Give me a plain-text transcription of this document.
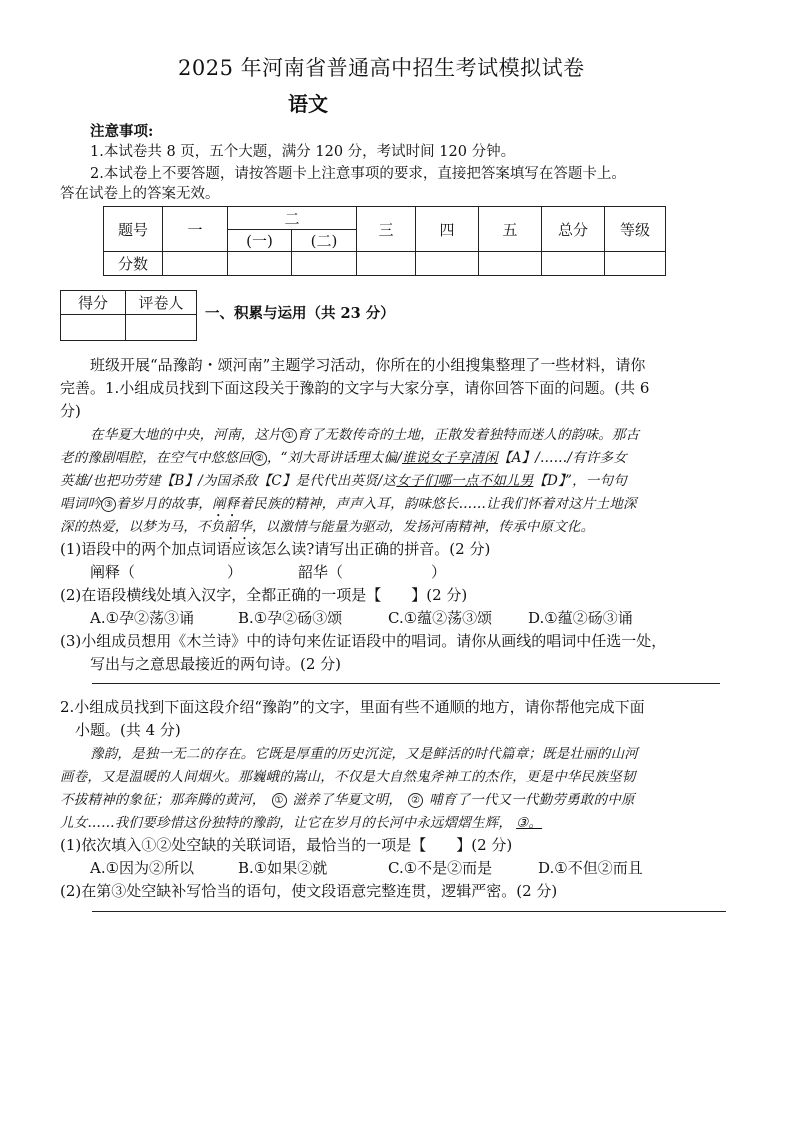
2025 年河南省普通高中招生考试模拟试卷
语文
注意事项:
1.本试卷共 8 页，五个大题，满分 120 分，考试时间 120 分钟。
2.本试卷上不要答题，请按答题卡上注意事项的要求，直接把答案填写在答题卡上。
答在试卷上的答案无效。
题号	一	二		三	四	五	总分	等级
		(一)	(二)					
分数								
得分	评卷人

一、积累与运用（共 23 分）
班级开展“品豫韵・颂河南”主题学习活动，你所在的小组搜集整理了一些材料，请你
完善。1.小组成员找到下面这段关于豫韵的文字与大家分享，请你回答下面的问题。(共 6
分)
在华夏大地的中央，河南，这片 ① 育了无数传奇的土地，正散发着独特而迷人的韵味。那古
老的豫剧唱腔，在空气中悠悠回 ② ，“刘大哥讲话理太偏/谁说女子享清闲【A】/……/有许多女
英雄/也把功劳建【B】/为国杀敌【C】是代代出英贤/这女子们哪一点不如儿男【D】”，一句句
唱词吟 ③ 着岁月的故事，阐释着民族的精神，声声入耳，韵味悠长……让我们怀着对这片土地深
深的热爱，以梦为马，不负韶华，以激情与能量为驱动，发扬河南精神，传承中原文化。
(1)语段中的两个加点词语应该怎么读?请写出正确的拼音。(2 分)
阐释（	）	韶华（	）
(2)在语段横线处填入汉字，全都正确的一项是【　　】(2 分)
A.①孕②荡③诵	B.①孕②砀③颂	C.①蕴②荡③颂 D.①蕴②砀③诵
(3)小组成员想用《木兰诗》中的诗句来佐证语段中的唱词。请你从画线的唱词中任选一处，
写出与之意思最接近的两句诗。(2 分)
2.小组成员找到下面这段介绍“豫韵”的文字，里面有些不通顺的地方，请你帮他完成下面
小题。(共 4 分)
豫韵，是独一无二的存在。它既是厚重的历史沉淀，又是鲜活的时代篇章；既是壮丽的山河
画卷，又是温暖的人间烟火。那巍峨的嵩山，不仅是大自然鬼斧神工的杰作，更是中华民族坚韧
不拔精神的象征；那奔腾的黄河， ① 滋养了华夏文明， ② 哺育了一代又一代勤劳勇敢的中原
儿女……我们要珍惜这份独特的豫韵，让它在岁月的长河中永远熠熠生辉， ③。
(1)依次填入①②处空缺的关联词语，最恰当的一项是【　　】(2 分)
A.①因为②所以	B.①如果②就	C.①不是②而是	D.①不但②而且
(2)在第③处空缺补写恰当的语句，使文段语意完整连贯，逻辑严密。(2 分)
